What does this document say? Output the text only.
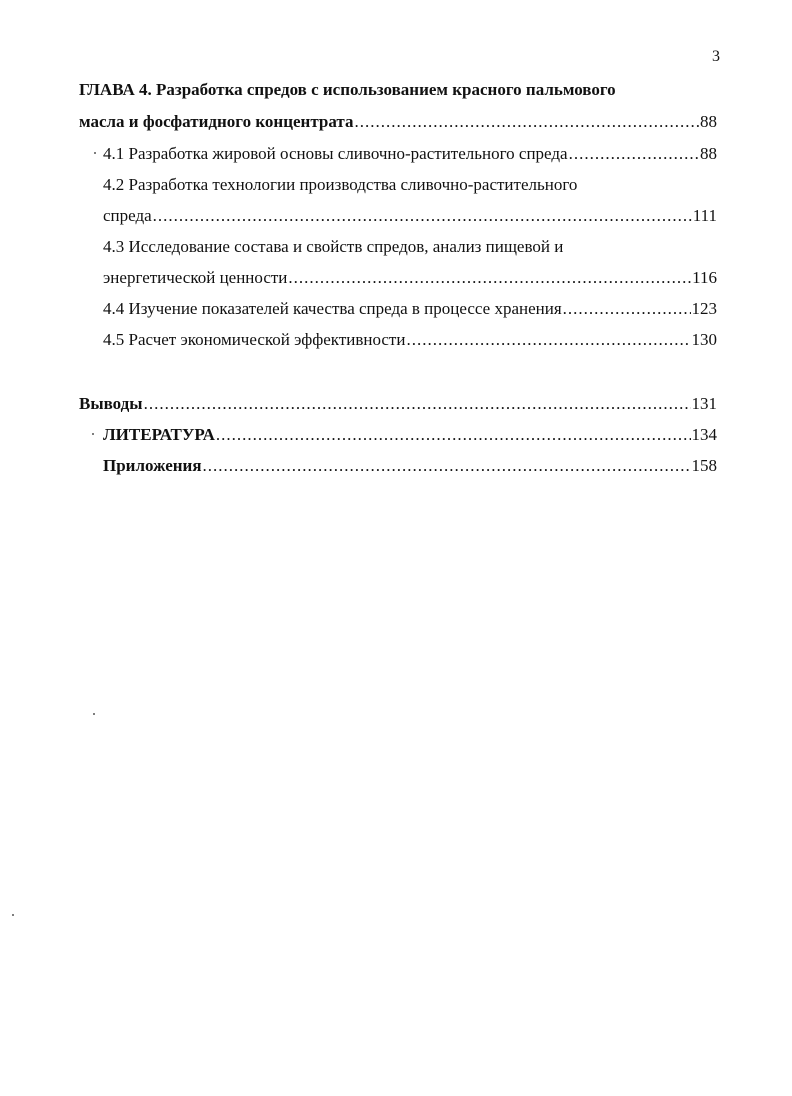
3
ГЛАВА 4. Разработка спредов с использованием красного пальмового
масла и фосфатидного концентрата .....	88
4.1 Разработка жировой основы сливочно-растительного спреда .....	88
4.2 Разработка технологии производства сливочно-растительного
спреда .....	111
4.3 Исследование состава и свойств спредов, анализ пищевой и
энергетической ценности .....	116
4.4 Изучение показателей качества спреда в процессе хранения .....	123
4.5 Расчет экономической эффективности .....	130
Выводы .....	131
ЛИТЕРАТУРА .....	134
Приложения .....	158
